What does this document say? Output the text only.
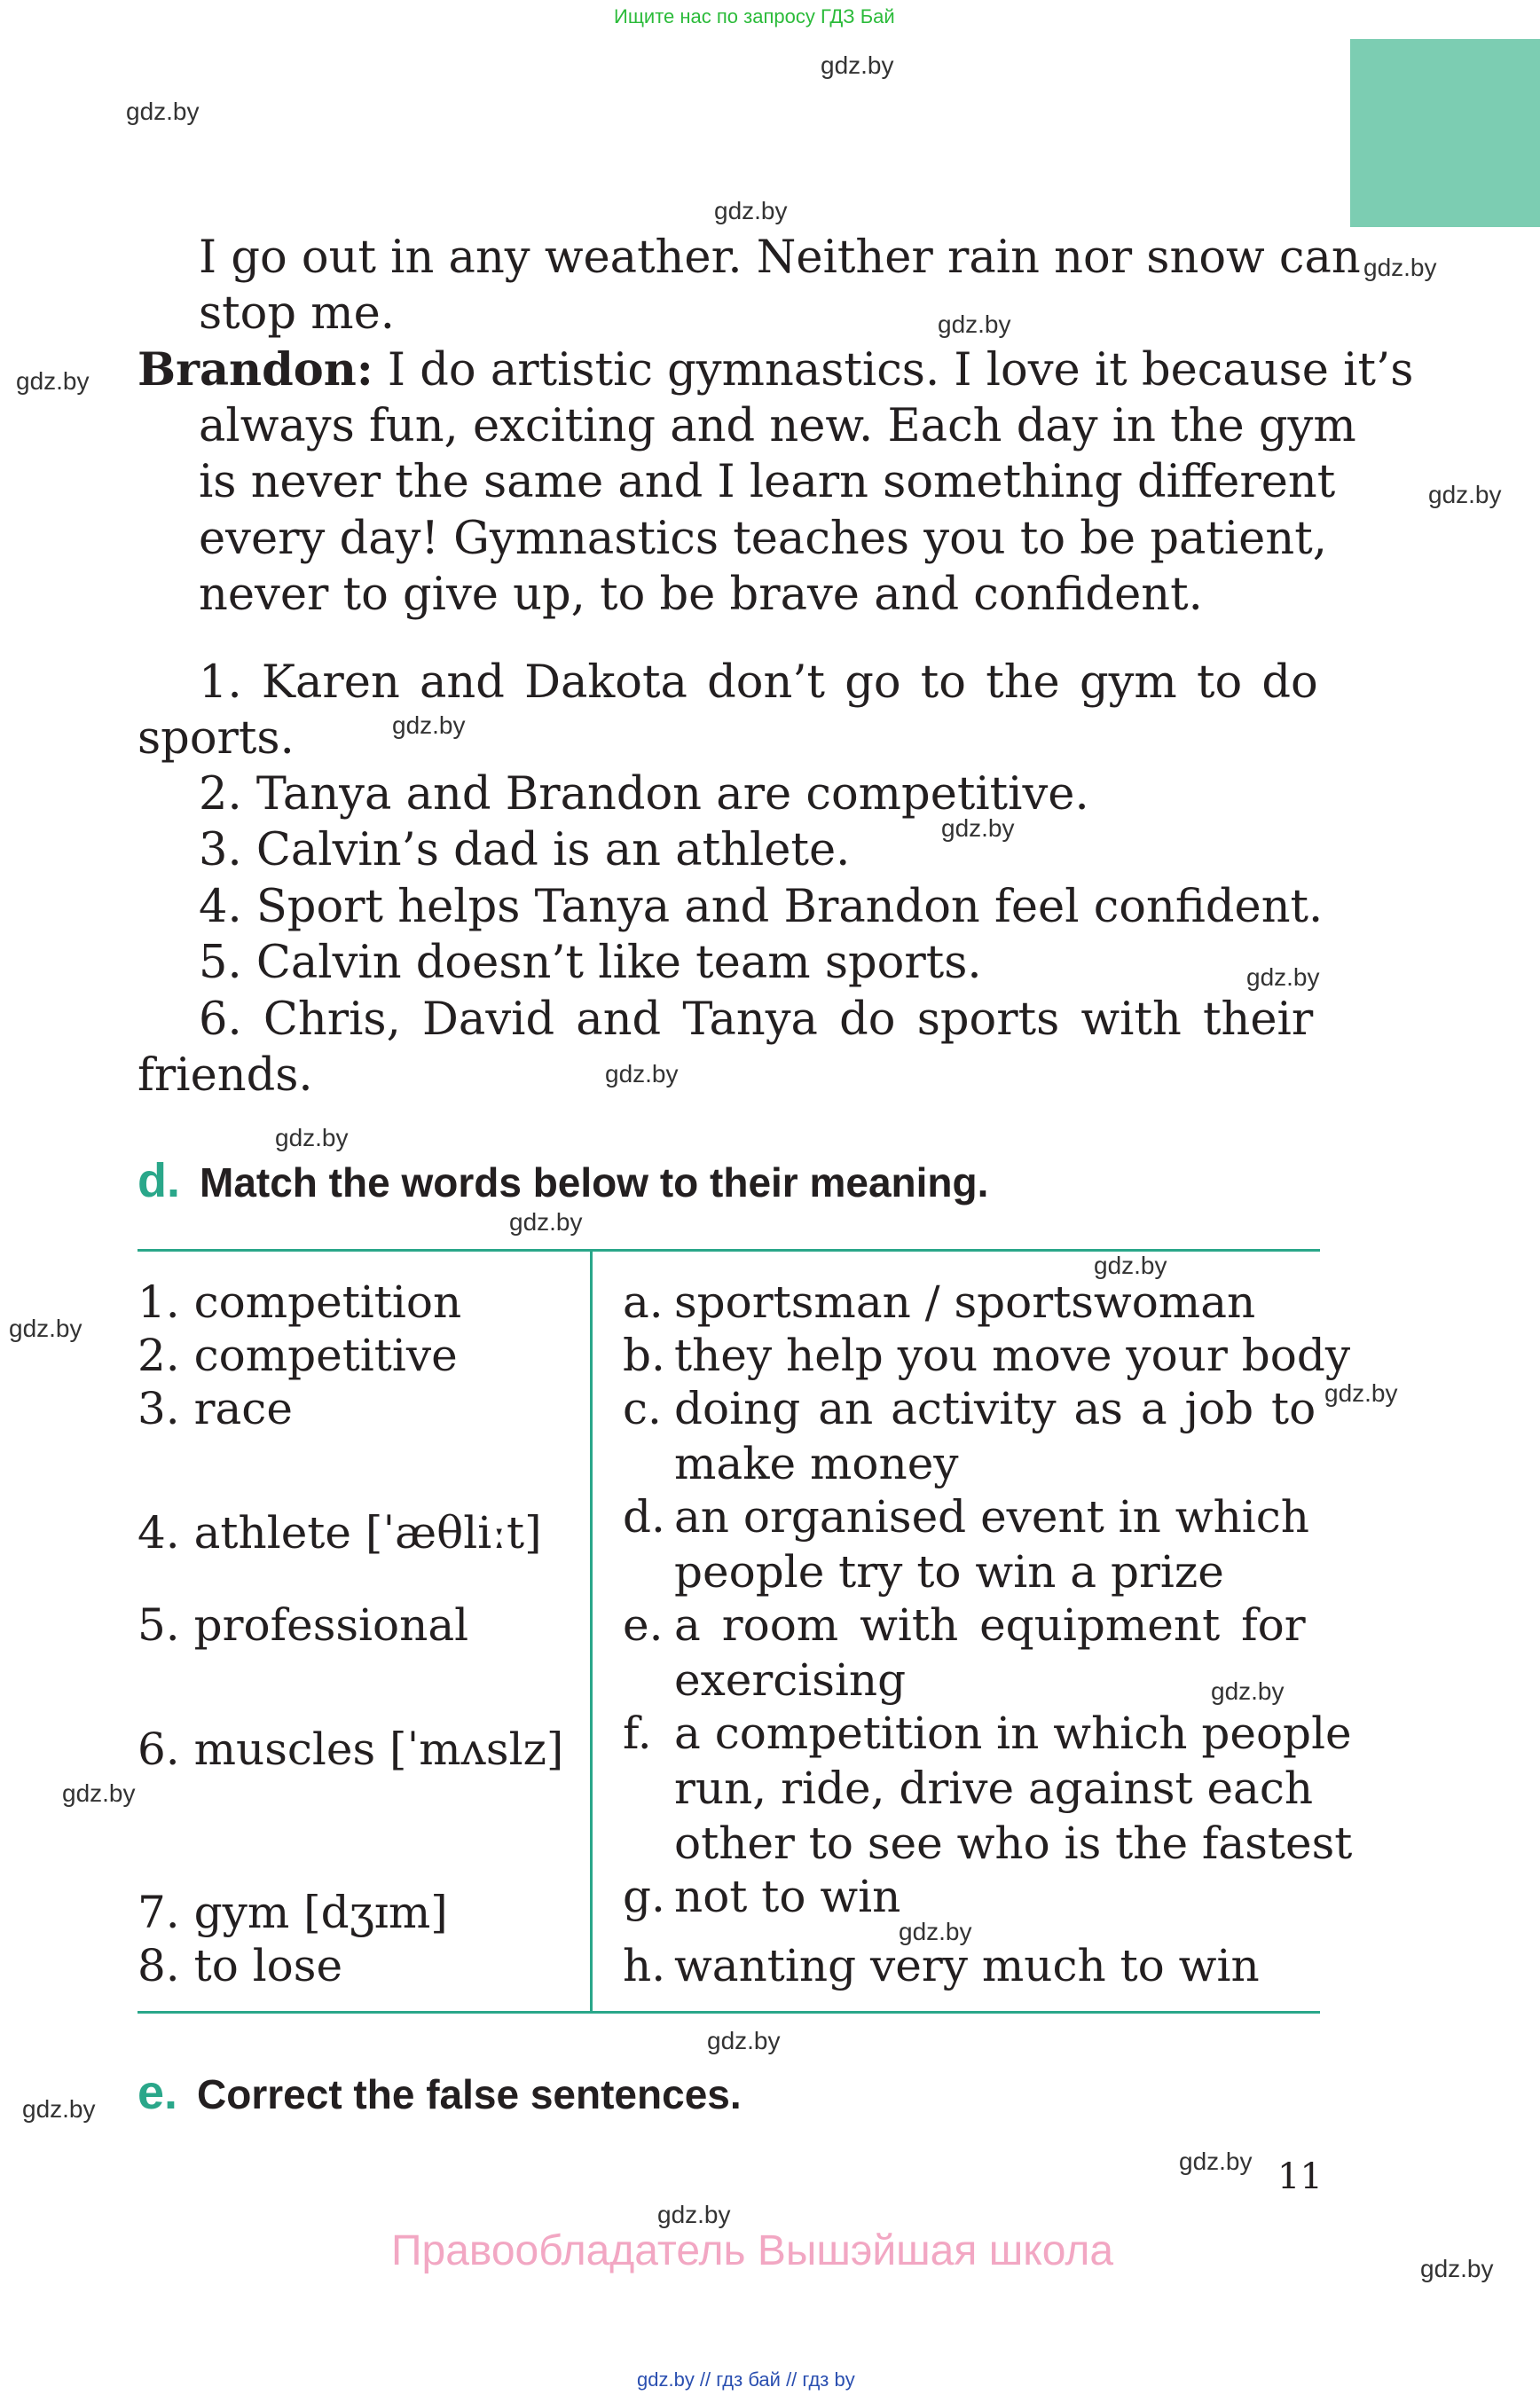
Ищите нас по запросу ГДЗ Бай
gdz.by
gdz.by
gdz.by
gdz.by
gdz.by
gdz.by
gdz.by
gdz.by
gdz.by
gdz.by
gdz.by
gdz.by
gdz.by
gdz.by
gdz.by
gdz.by
gdz.by
gdz.by
gdz.by
gdz.by
gdz.by
gdz.by
gdz.by
gdz.by
I go out in any weather. Neither rain nor snow can
stop me.
Brandon: I do artistic gymnastics. I love it because it’s
always fun, exciting and new. Each day in the gym
is never the same and I learn something different
every day! Gymnastics teaches you to be patient,
never to give up, to be brave and confident.
1. Karen and Dakota don’t go to the gym to do
sports.
2. Tanya and Brandon are competitive.
3. Calvin’s dad is an athlete.
4. Sport helps Tanya and Brandon feel confident.
5. Calvin doesn’t like team sports.
6. Chris, David and Tanya do sports with their
friends.
d. Match the words below to their meaning.
1. competition
2. competitive
3. race
4. athlete [ˈæθliːt]
5. professional
6. muscles [ˈmʌslz]
7. gym [dʒɪm]
8. to lose
a. sportsman / sportswoman
b. they help you move your body
c. doing an activity as a job to
make money
d. an organised event in which
people try to win a prize
e. a room with equipment for
exercising
f. a competition in which people
run, ride, drive against each
other to see who is the fastest
g. not to win
h. wanting very much to win
e. Correct the false sentences.
11
Правообладатель Вышэйшая школа
gdz.by // гдз бай // гдз by
